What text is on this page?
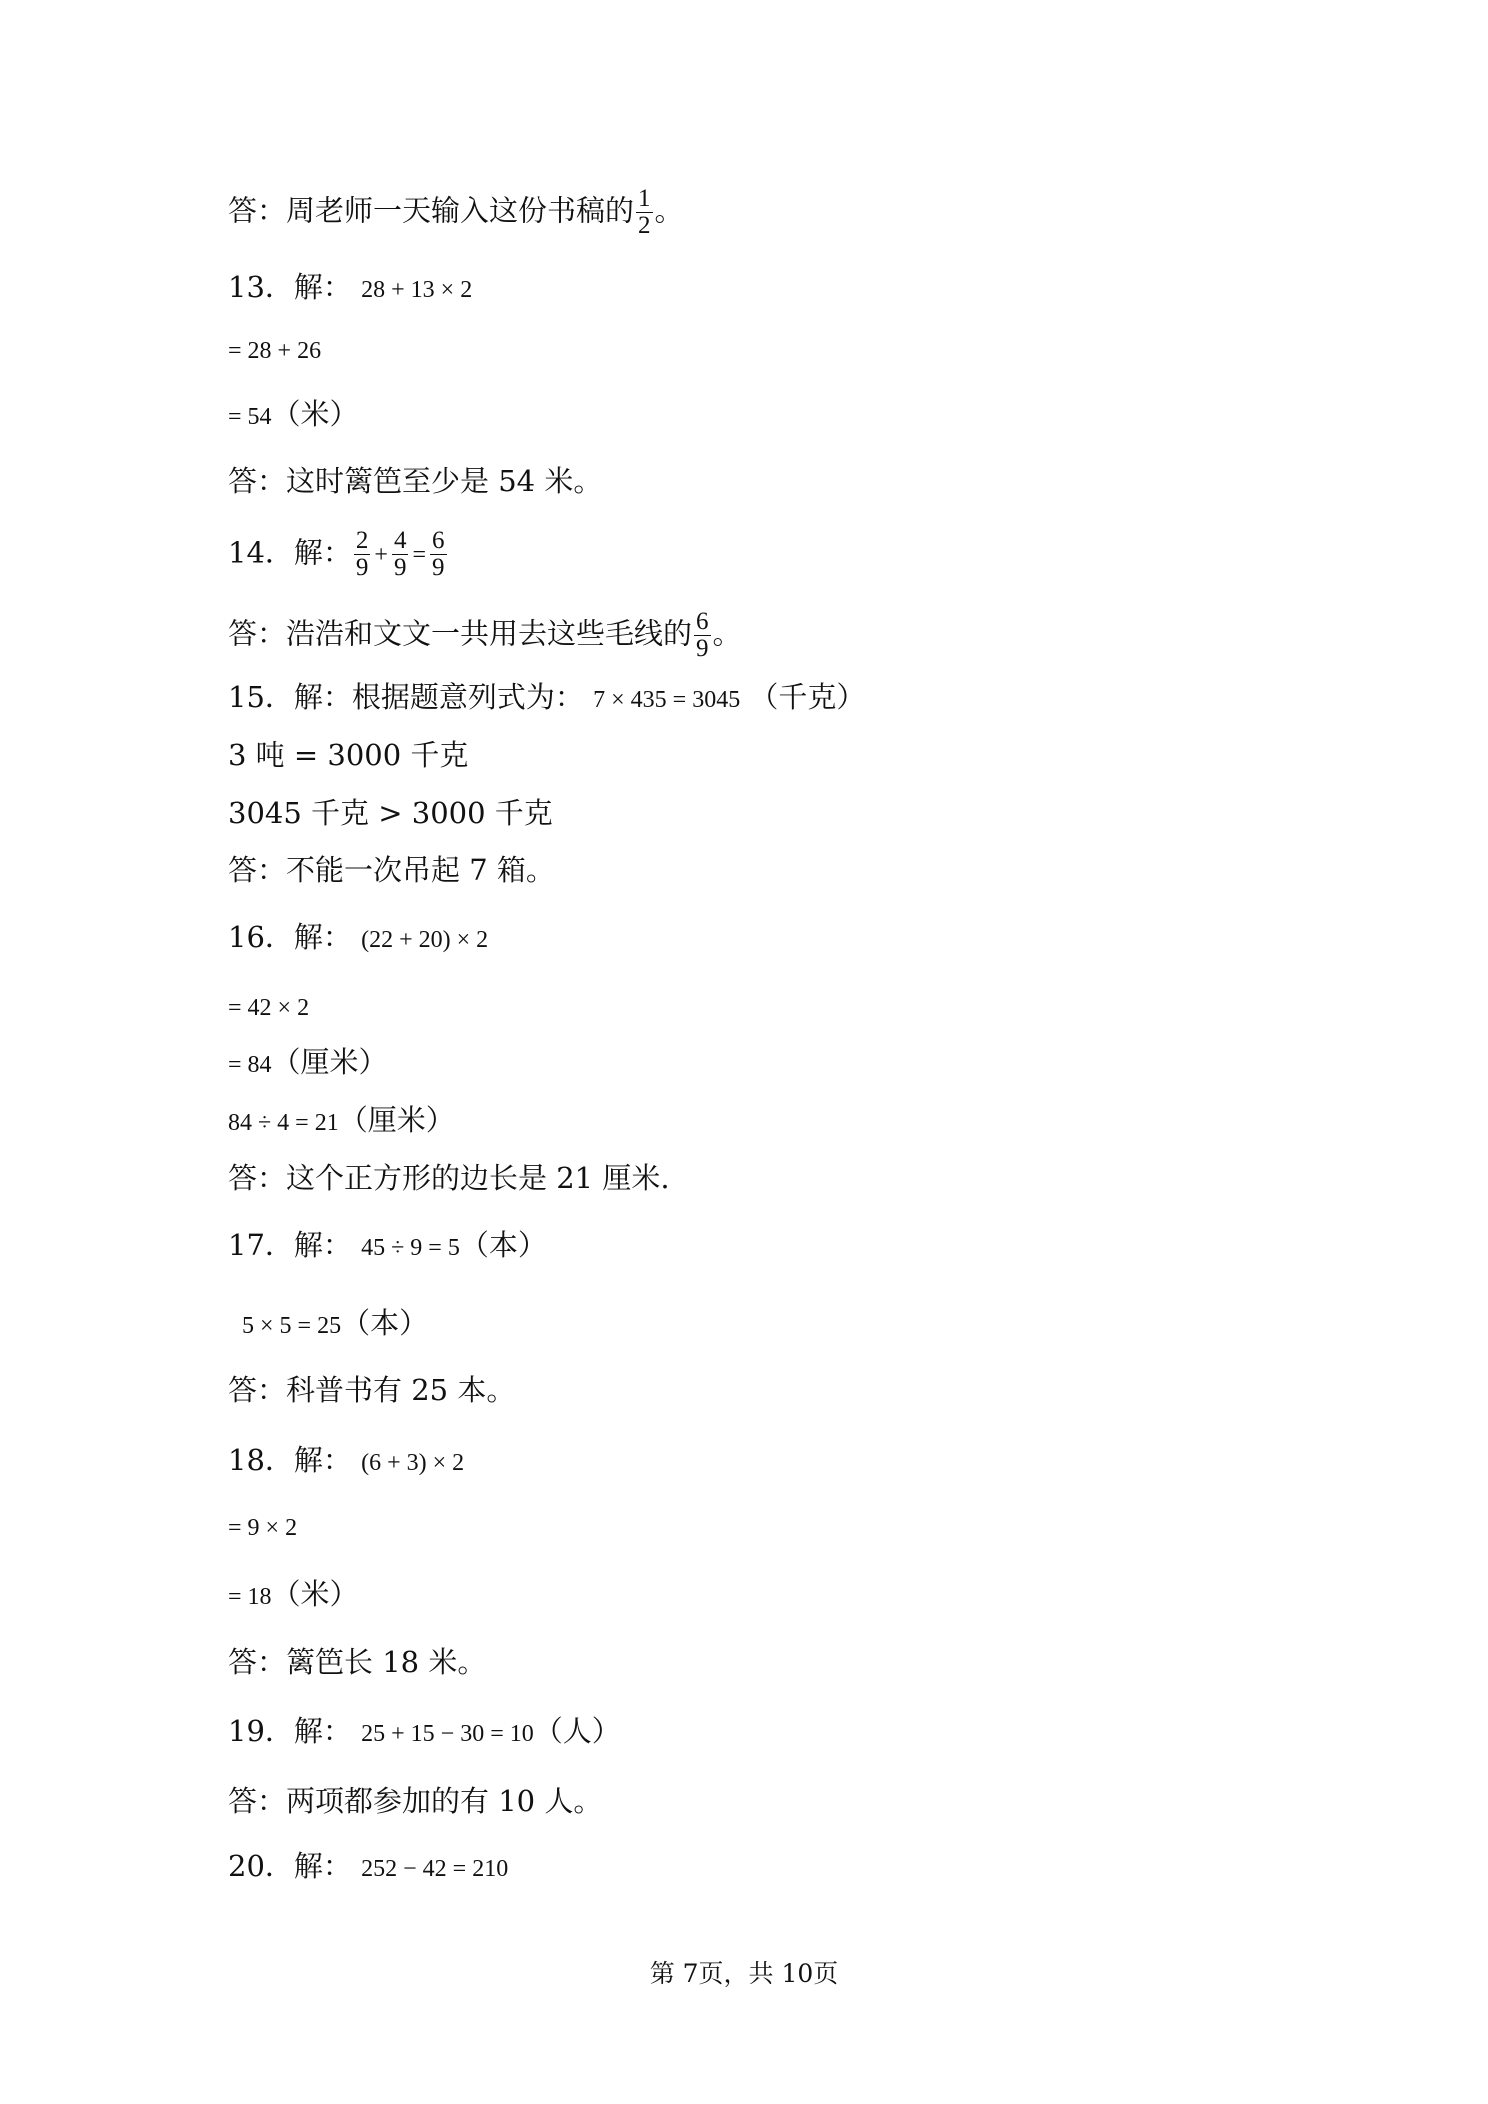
答：周老师一天输入这份书稿的 $\frac{1}{2}$ 。
13．解： 28 + 13 × 2
= 28 + 26
= 54（米）
答：这时篱笆至少是 54 米。
14．解： $\frac{2}{9} + \frac{4}{9} = \frac{6}{9}$
答：浩浩和文文一共用去这些毛线的 $\frac{6}{9}$ 。
15．解：根据题意列式为： 7 × 435 = 3045 （千克）
3 吨 = 3000 千克
3045 千克 > 3000 千克
答：不能一次吊起 7 箱。
16．解： (22 + 20) × 2
= 42 × 2
= 84（厘米）
84 ÷ 4 = 21（厘米）
答：这个正方形的边长是 21 厘米.
17．解： 45 ÷ 9 = 5（本）
5 × 5 = 25（本）
答：科普书有 25 本。
18．解： (6 + 3) × 2
= 9 × 2
= 18（米）
答：篱笆长 18 米。
19．解： 25 + 15 − 30 = 10（人）
答：两项都参加的有 10 人。
20．解： 252 − 42 = 210
第 7页，共 10页
